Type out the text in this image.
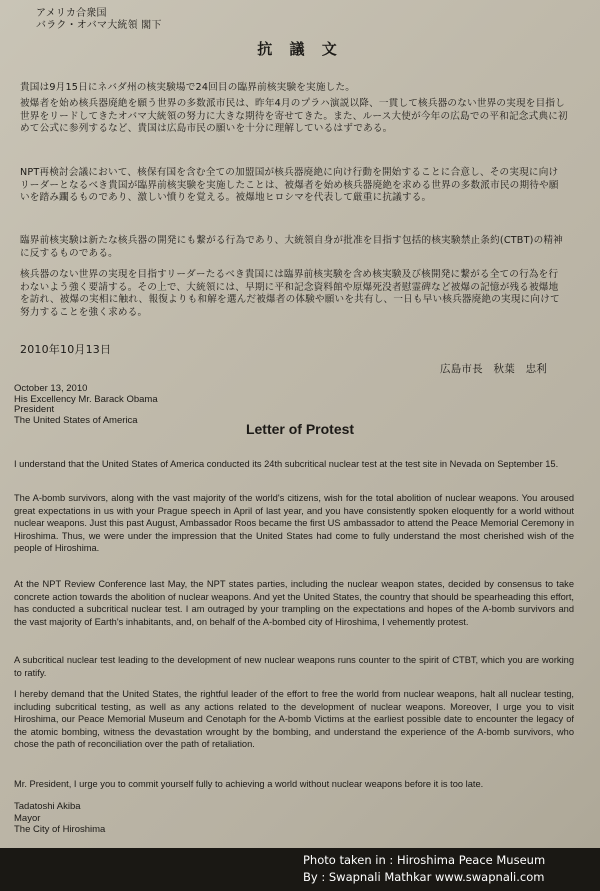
アメリカ合衆国
バラク・オバマ大統領 閣下
抗 議 文
貴国は9月15日にネバダ州の核実験場で24回目の臨界前核実験を実施した。
被爆者を始め核兵器廃絶を願う世界の多数派市民は、昨年4月のプラハ演説以降、一貫して核兵器のない世界の実現を目指し世界をリードしてきたオバマ大統領の努力に大きな期待を寄せてきた。また、ルース大使が今年の広島での平和記念式典に初めて公式に参列するなど、貴国は広島市民の願いを十分に理解しているはずである。
NPT再検討会議において、核保有国を含む全ての加盟国が核兵器廃絶に向け行動を開始することに合意し、その実現に向けリーダーとなるべき貴国が臨界前核実験を実施したことは、被爆者を始め核兵器廃絶を求める世界の多数派市民の期待や願いを踏み躙るものであり、激しい憤りを覚える。被爆地ヒロシマを代表して厳重に抗議する。
臨界前核実験は新たな核兵器の開発にも繋がる行為であり、大統領自身が批准を目指す包括的核実験禁止条約(CTBT)の精神に反するものである。
核兵器のない世界の実現を目指すリーダーたるべき貴国には臨界前核実験を含め核実験及び核開発に繋がる全ての行為を行わないよう強く要請する。その上で、大統領には、早期に平和記念資料館や原爆死没者慰霊碑など被爆の記憶が残る被爆地を訪れ、被爆の実相に触れ、報復よりも和解を選んだ被爆者の体験や願いを共有し、一日も早い核兵器廃絶の実現に向けて努力することを強く求める。
2010年10月13日
広島市長　秋葉　忠利
October 13, 2010
His Excellency Mr. Barack Obama
President
The United States of America
Letter of Protest
I understand that the United States of America conducted its 24th subcritical nuclear test at the test site in Nevada on September 15.
The A-bomb survivors, along with the vast majority of the world's citizens, wish for the total abolition of nuclear weapons. You aroused great expectations in us with your Prague speech in April of last year, and you have consistently spoken eloquently for a world without nuclear weapons. Just this past August, Ambassador Roos became the first US ambassador to attend the Peace Memorial Ceremony in Hiroshima. Thus, we were under the impression that the United States had come to fully understand the most cherished wish of the people of Hiroshima.
At the NPT Review Conference last May, the NPT states parties, including the nuclear weapon states, decided by consensus to take concrete action towards the abolition of nuclear weapons. And yet the United States, the country that should be spearheading this effort, has conducted a subcritical nuclear test. I am outraged by your trampling on the expectations and hopes of the A-bomb survivors and the vast majority of Earth's inhabitants, and, on behalf of the A-bombed city of Hiroshima, I vehemently protest.
A subcritical nuclear test leading to the development of new nuclear weapons runs counter to the spirit of CTBT, which you are working to ratify.
I hereby demand that the United States, the rightful leader of the effort to free the world from nuclear weapons, halt all nuclear testing, including subcritical testing, as well as any actions related to the development of nuclear weapons. Moreover, I urge you to visit Hiroshima, our Peace Memorial Museum and Cenotaph for the A-bomb Victims at the earliest possible date to encounter the legacy of the atomic bombing, witness the devastation wrought by the bombing, and understand the experience of the A-bomb survivors, who chose the path of reconciliation over the path of retaliation.
Mr. President, I urge you to commit yourself fully to achieving a world without nuclear weapons before it is too late.
Tadatoshi Akiba
Mayor
The City of Hiroshima
Photo taken in : Hiroshima Peace Museum
By : Swapnali Mathkar www.swapnali.com
